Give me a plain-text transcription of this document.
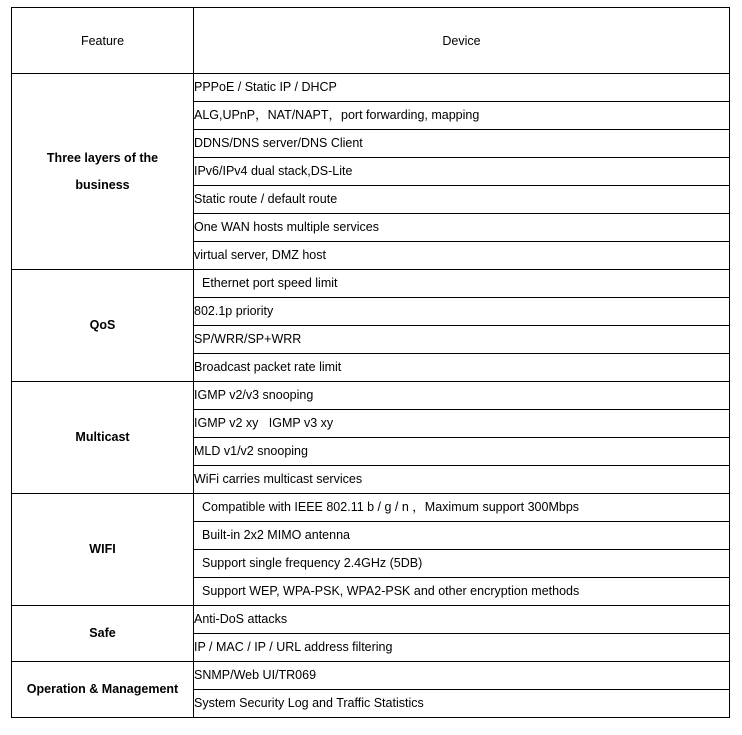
Feature	Device
Three layers of the business	PPPoE / Static IP / DHCP
	ALG,UPnP，NAT/NAPT，port forwarding, mapping
	DDNS/DNS server/DNS Client
	IPv6/IPv4 dual stack,DS-Lite
	Static route / default route
	One WAN hosts multiple services
	virtual server, DMZ host
QoS	Ethernet port speed limit
	802.1p priority
	SP/WRR/SP+WRR
	Broadcast packet rate limit
Multicast	IGMP v2/v3 snooping
	IGMP v2 xy   IGMP v3 xy
	MLD v1/v2 snooping
	WiFi carries multicast services
WIFI	Compatible with IEEE 802.11 b / g / n ，Maximum support 300Mbps
	Built-in 2x2 MIMO antenna
	Support single frequency 2.4GHz (5DB)
	Support WEP, WPA-PSK, WPA2-PSK and other encryption methods
Safe	Anti-DoS attacks
	IP / MAC / IP / URL address filtering
Operation & Management	SNMP/Web UI/TR069
	System Security Log and Traffic Statistics
